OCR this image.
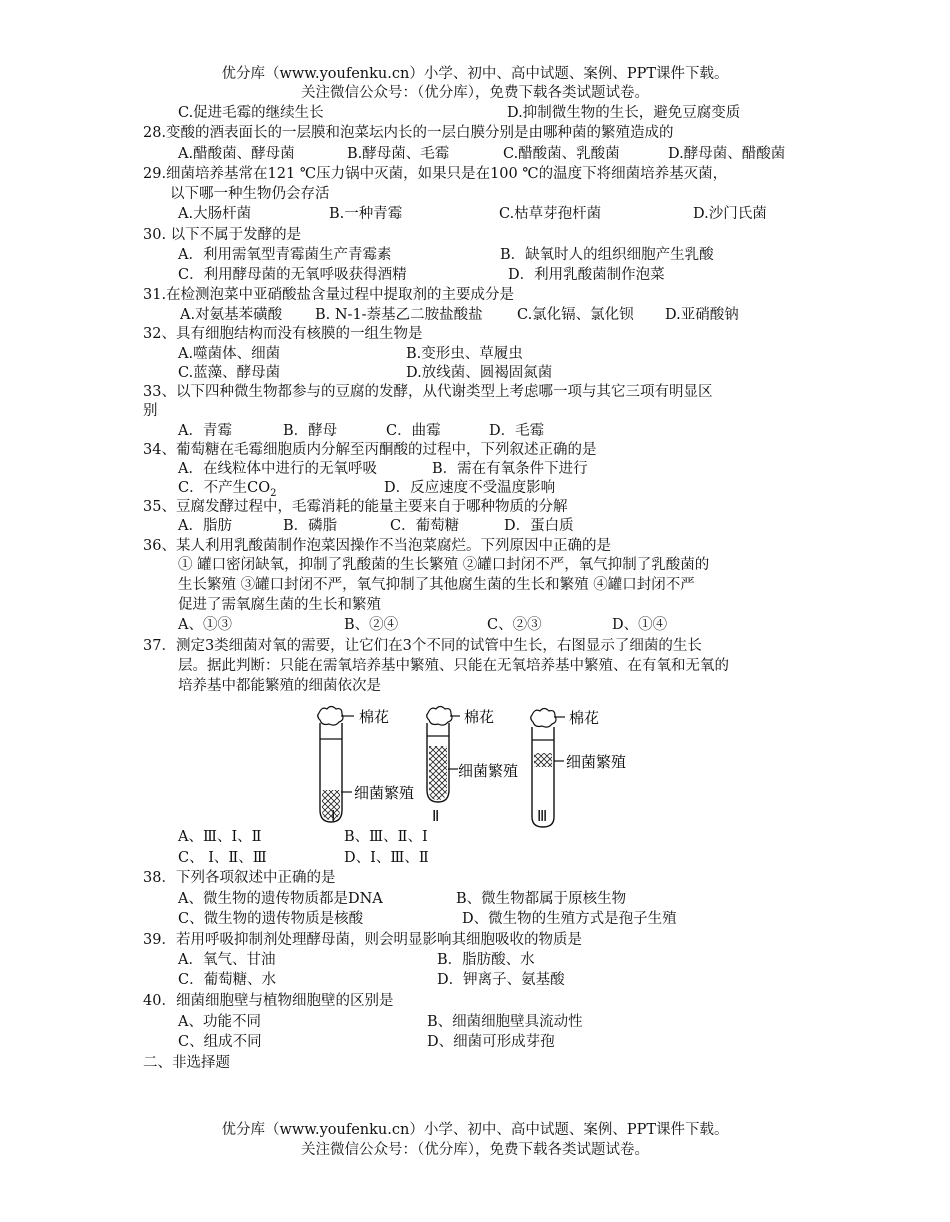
优分库（www.youfenku.cn）小学、初中、高中试题、案例、PPT课件下载。
关注微信公众号：（优分库），免费下载各类试题试卷。
C.促进毛霉的继续生长	D.抑制微生物的生长，避免豆腐变质
28.变酸的酒表面长的一层膜和泡菜坛内长的一层白膜分别是由哪种菌的繁殖造成的
A.醋酸菌、酵母菌	B.酵母菌、毛霉	C.醋酸菌、乳酸菌	D.酵母菌、醋酸菌
29.细菌培养基常在121 ℃压力锅中灭菌，如果只是在100 ℃的温度下将细菌培养基灭菌，
以下哪一种生物仍会存活
A.大肠杆菌	B.一种青霉	C.枯草芽孢杆菌	D.沙门氏菌
30. 以下不属于发酵的是
A．利用需氧型青霉菌生产青霉素	B．缺氧时人的组织细胞产生乳酸
C．利用酵母菌的无氧呼吸获得酒精	D．利用乳酸菌制作泡菜
31.在检测泡菜中亚硝酸盐含量过程中提取剂的主要成分是
A.对氨基苯磺酸 B. N-1-萘基乙二胺盐酸盐 C.氯化镉、氯化钡 D.亚硝酸钠
32、具有细胞结构而没有核膜的一组生物是
A.噬菌体、细菌	B.变形虫、草履虫
C.蓝藻、酵母菌	D.放线菌、圆褐固氮菌
33、以下四种微生物都参与的豆腐的发酵，从代谢类型上考虑哪一项与其它三项有明显区
别
A．青霉	B．酵母	C．曲霉	D．毛霉
34、葡萄糖在毛霉细胞质内分解至丙酮酸的过程中，下列叙述正确的是
A．在线粒体中进行的无氧呼吸	B．需在有氧条件下进行
C．不产生$CO_2$	D．反应速度不受温度影响
35、豆腐发酵过程中，毛霉消耗的能量主要来自于哪种物质的分解
A．脂肪	B．磷脂	C．葡萄糖	D．蛋白质
36、某人利用乳酸菌制作泡菜因操作不当泡菜腐烂。下列原因中正确的是
① 罐口密闭缺氧，抑制了乳酸菌的生长繁殖 ②罐口封闭不严，氧气抑制了乳酸菌的
生长繁殖 ③罐口封闭不严，氧气抑制了其他腐生菌的生长和繁殖 ④罐口封闭不严
促进了需氧腐生菌的生长和繁殖
A、①③	B、②④	C、②③	D、①④
37．测定3类细菌对氧的需要，让它们在3个不同的试管中生长，右图显示了细菌的生长
层。据此判断：只能在需氧培养基中繁殖、只能在无氧培养基中繁殖、在有氧和无氧的
培养基中都能繁殖的细菌依次是
棉花
细菌繁殖
棉花
细菌繁殖
棉花
细菌繁殖
Ⅰ	Ⅱ	Ⅲ
A、Ⅲ、Ⅰ、Ⅱ	B、Ⅲ、Ⅱ、Ⅰ
C、 Ⅰ、Ⅱ、Ⅲ	D、Ⅰ、Ⅲ、Ⅱ
38．下列各项叙述中正确的是
A、微生物的遗传物质都是DNA	B、微生物都属于原核生物
C、微生物的遗传物质是核酸	D、微生物的生殖方式是孢子生殖
39．若用呼吸抑制剂处理酵母菌，则会明显影响其细胞吸收的物质是
A．氧气、甘油	B．脂肪酸、水
C．葡萄糖、水	D．钾离子、氨基酸
40．细菌细胞壁与植物细胞壁的区别是
A、功能不同	B、细菌细胞壁具流动性
C、组成不同	D、细菌可形成芽孢
二、非选择题
优分库（www.youfenku.cn）小学、初中、高中试题、案例、PPT课件下载。
关注微信公众号：（优分库），免费下载各类试题试卷。
